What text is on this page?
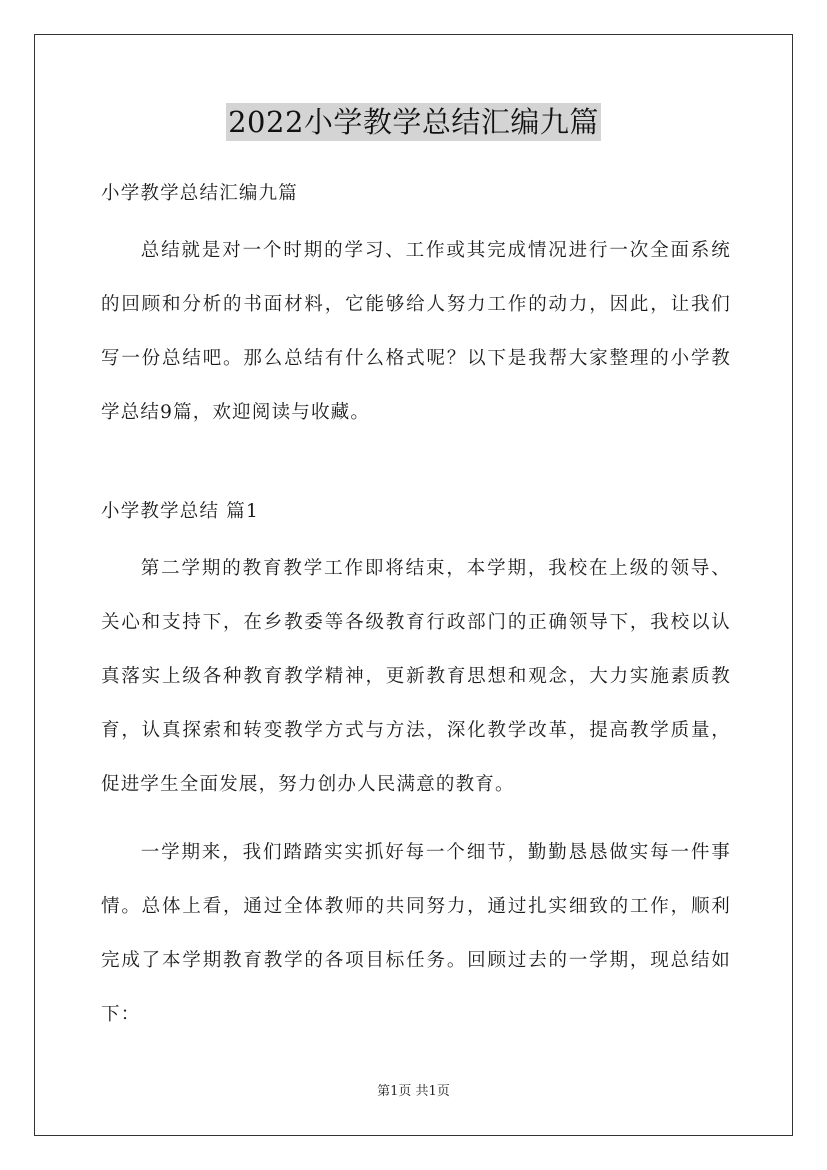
2022小学教学总结汇编九篇

小学教学总结汇编九篇

总结就是对一个时期的学习、工作或其完成情况进行一次全面系统的回顾和分析的书面材料，它能够给人努力工作的动力，因此，让我们写一份总结吧。那么总结有什么格式呢？以下是我帮大家整理的小学教学总结9篇，欢迎阅读与收藏。

小学教学总结 篇1

第二学期的教育教学工作即将结束，本学期，我校在上级的领导、关心和支持下，在乡教委等各级教育行政部门的正确领导下，我校以认真落实上级各种教育教学精神，更新教育思想和观念，大力实施素质教育，认真探索和转变教学方式与方法，深化教学改革，提高教学质量，促进学生全面发展，努力创办人民满意的教育。

一学期来，我们踏踏实实抓好每一个细节，勤勤恳恳做实每一件事情。总体上看，通过全体教师的共同努力，通过扎实细致的工作，顺利完成了本学期教育教学的各项目标任务。回顾过去的一学期，现总结如下：

第1页 共1页
